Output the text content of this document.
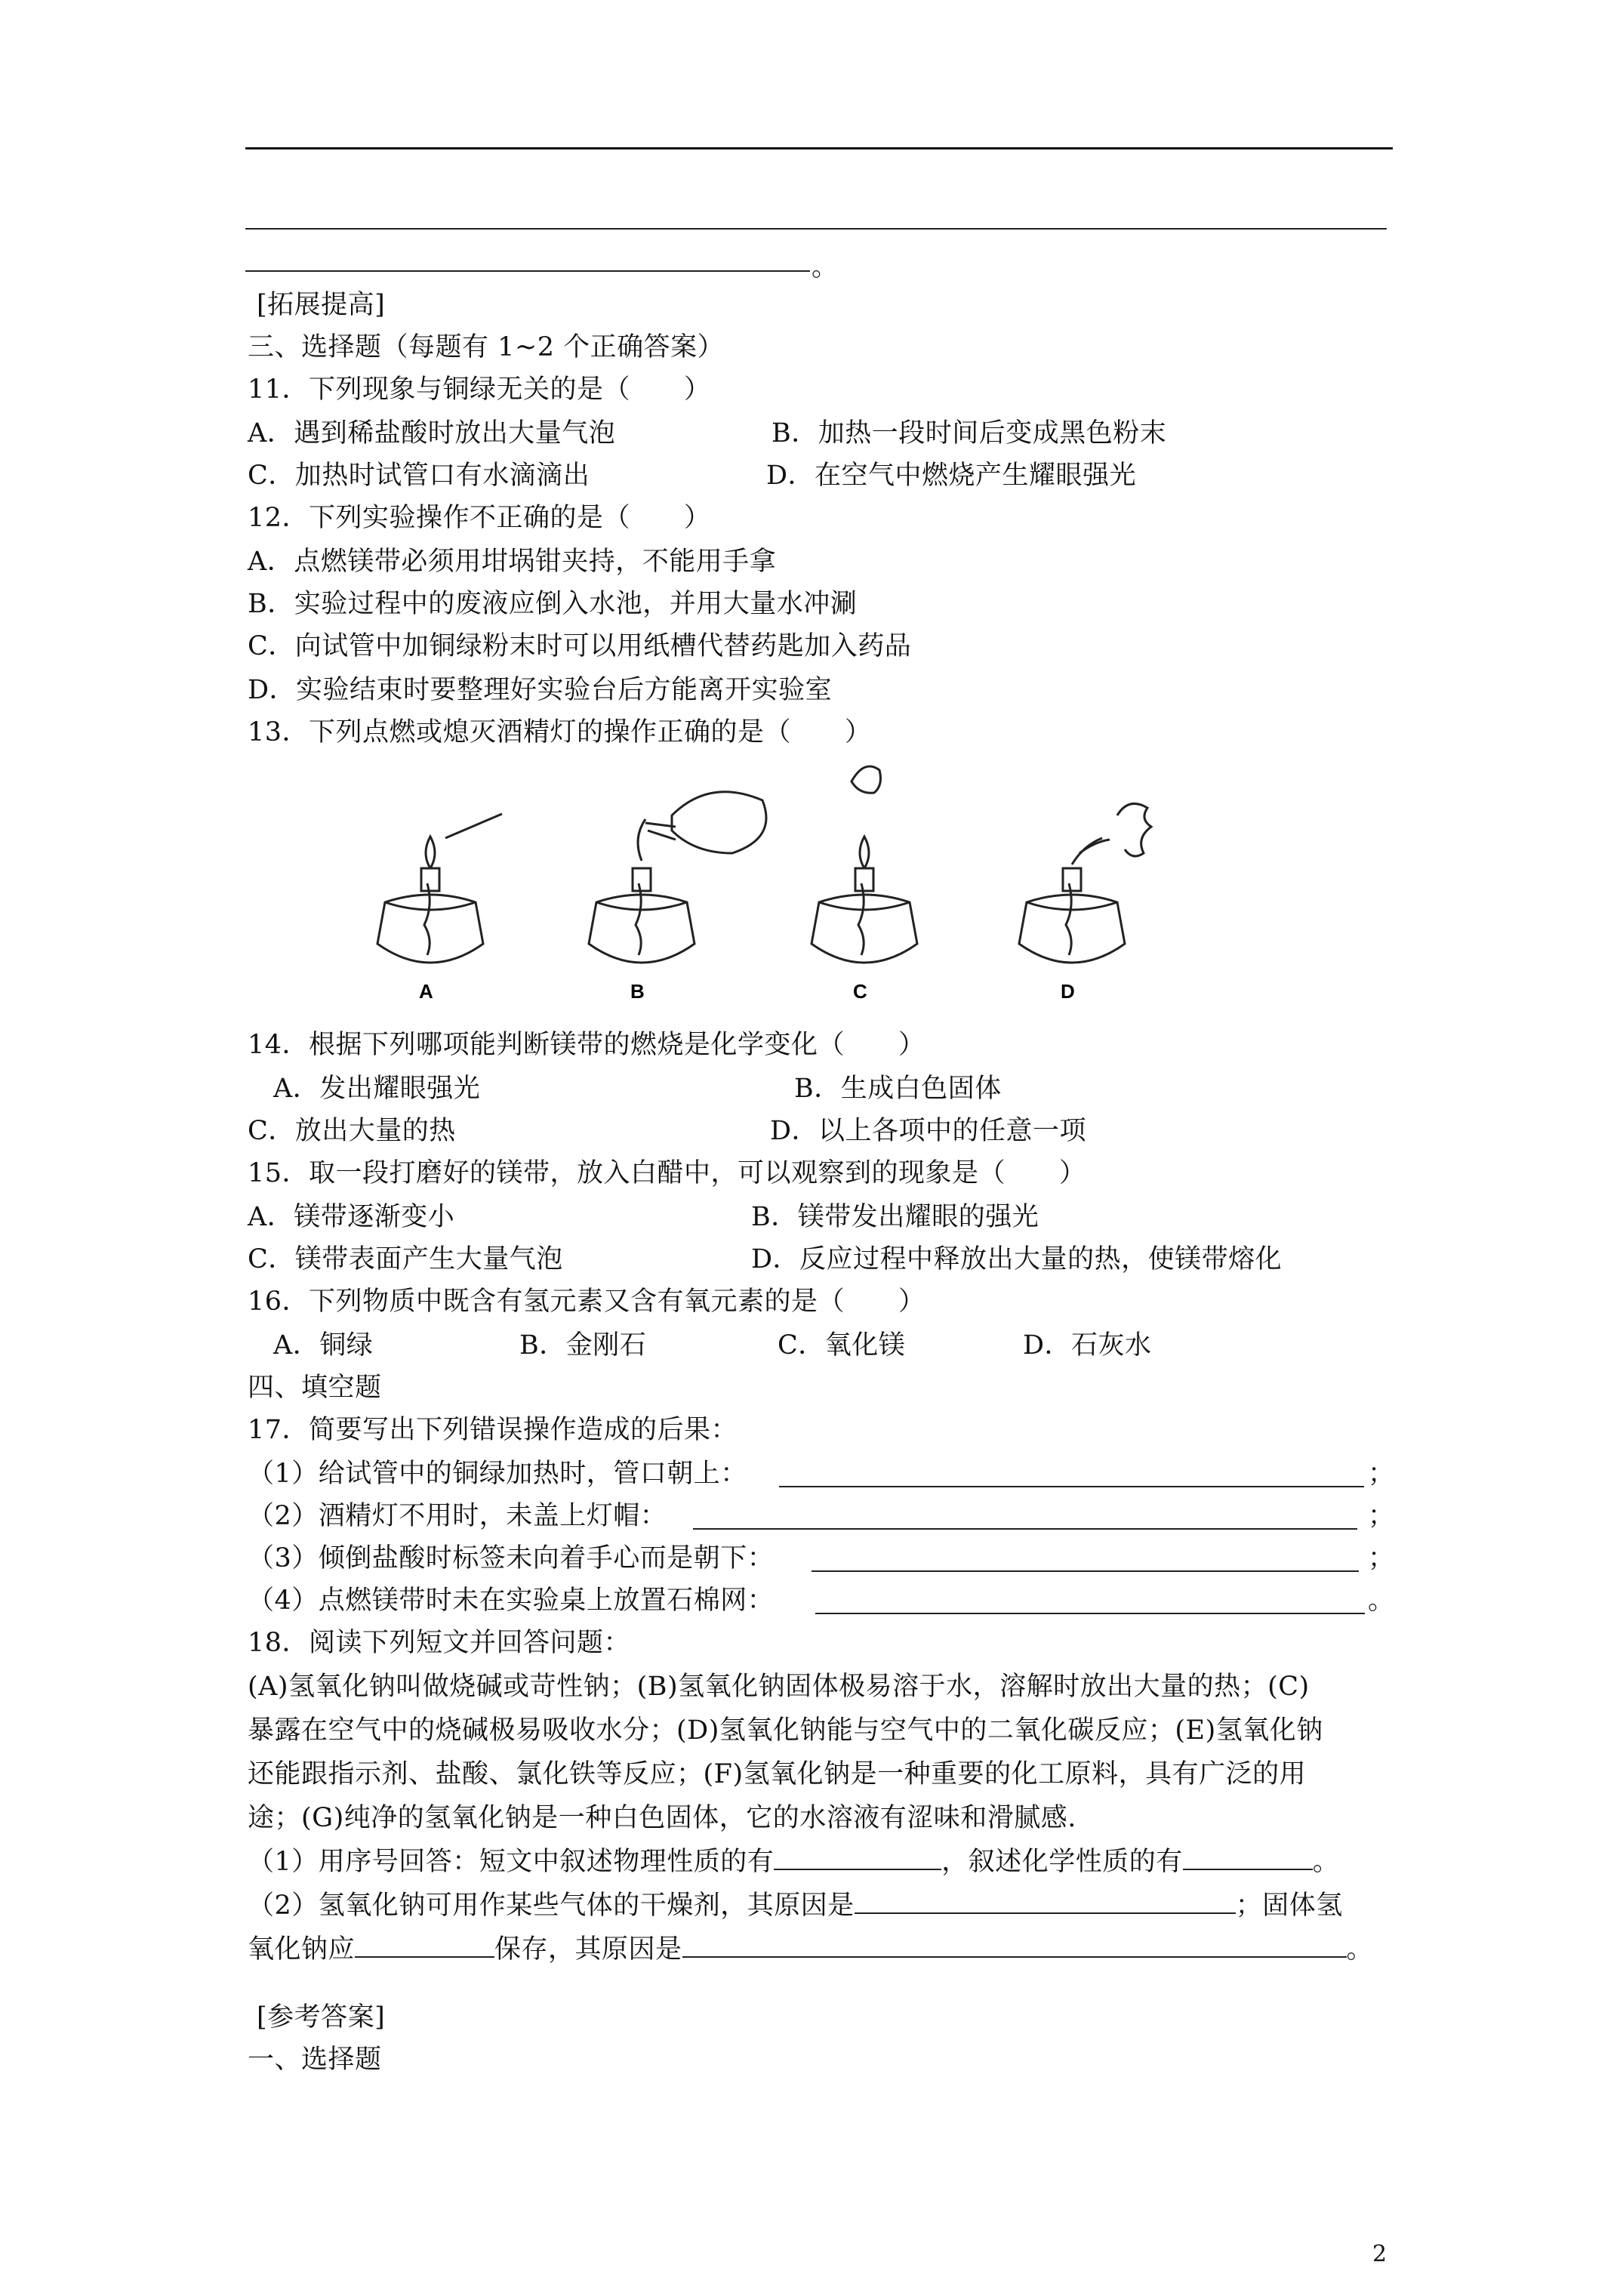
。
[拓展提高]
三、选择题（每题有 1~2 个正确答案）
11．下列现象与铜绿无关的是（　　）
A．遇到稀盐酸时放出大量气泡	B．加热一段时间后变成黑色粉末
C．加热时试管口有水滴滴出	D．在空气中燃烧产生耀眼强光
12．下列实验操作不正确的是（　　）
A．点燃镁带必须用坩埚钳夹持，不能用手拿
B．实验过程中的废液应倒入水池，并用大量水冲涮
C．向试管中加铜绿粉末时可以用纸槽代替药匙加入药品
D．实验结束时要整理好实验台后方能离开实验室
13．下列点燃或熄灭酒精灯的操作正确的是（　　）
A	B	C	D
14．根据下列哪项能判断镁带的燃烧是化学变化（　　）
A．发出耀眼强光	B．生成白色固体
C．放出大量的热	D．以上各项中的任意一项
15．取一段打磨好的镁带，放入白醋中，可以观察到的现象是（　　）
A．镁带逐渐变小	B．镁带发出耀眼的强光
C．镁带表面产生大量气泡	D．反应过程中释放出大量的热，使镁带熔化
16．下列物质中既含有氢元素又含有氧元素的是（　　）
A．铜绿	B．金刚石	C．氧化镁	D．石灰水
四、填空题
17．简要写出下列错误操作造成的后果：
（1）给试管中的铜绿加热时，管口朝上：	；
（2）酒精灯不用时，未盖上灯帽：	；
（3）倾倒盐酸时标签未向着手心而是朝下：	；
（4）点燃镁带时未在实验桌上放置石棉网：	。
18．阅读下列短文并回答问题：
(A)氢氧化钠叫做烧碱或苛性钠；(B)氢氧化钠固体极易溶于水，溶解时放出大量的热；(C)
暴露在空气中的烧碱极易吸收水分；(D)氢氧化钠能与空气中的二氧化碳反应；(E)氢氧化钠
还能跟指示剂、盐酸、氯化铁等反应；(F)氢氧化钠是一种重要的化工原料，具有广泛的用
途；(G)纯净的氢氧化钠是一种白色固体，它的水溶液有涩味和滑腻感.
（1）用序号回答：短文中叙述物理性质的有	，叙述化学性质的有	。
（2）氢氧化钠可用作某些气体的干燥剂，其原因是	；固体氢
氧化钠应	保存，其原因是	。
[参考答案]
一、选择题
2
